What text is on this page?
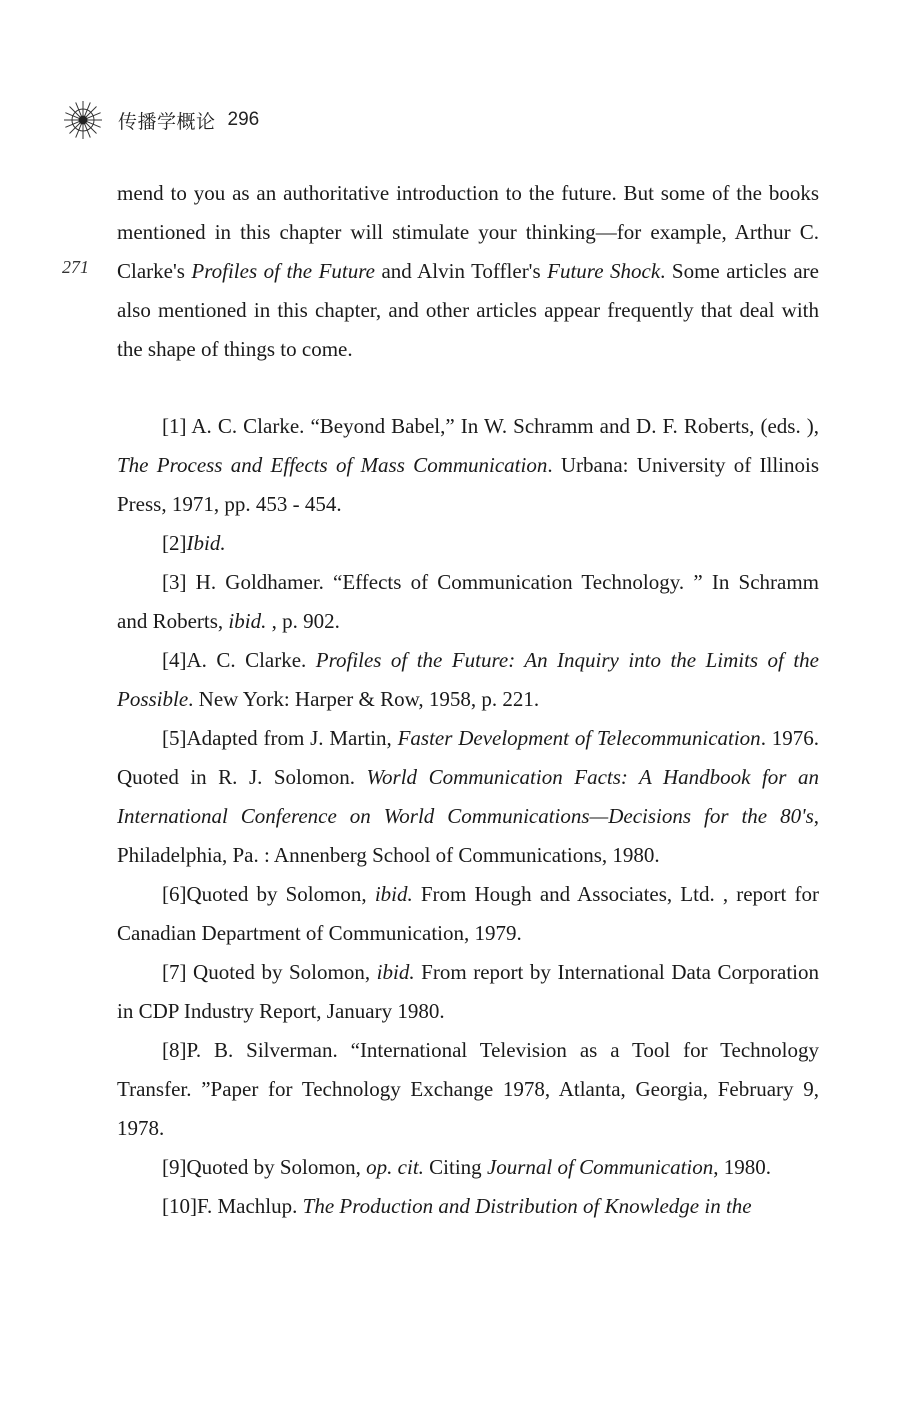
传播学概论 296
271

mend to you as an authoritative introduction to the future. But some of the books mentioned in this chapter will stimulate your thinking—for example, Arthur C. Clarke's Profiles of the Future and Alvin Toffler's Future Shock. Some articles are also mentioned in this chapter, and other articles appear frequently that deal with the shape of things to come.

[1] A. C. Clarke. “Beyond Babel,” In W. Schramm and D. F. Roberts, (eds. ), The Process and Effects of Mass Communication. Urbana: University of Illinois Press, 1971, pp. 453 - 454.

[2]Ibid.

[3] H. Goldhamer. “Effects of Communication Technology. ” In Schramm and Roberts, ibid. , p. 902.

[4]A. C. Clarke. Profiles of the Future: An Inquiry into the Limits of the Possible. New York: Harper & Row, 1958, p. 221.

[5]Adapted from J. Martin, Faster Development of Telecommunication. 1976. Quoted in R. J. Solomon. World Communication Facts: A Handbook for an International Conference on World Communications—Decisions for the 80's, Philadelphia, Pa. : Annenberg School of Communications, 1980.

[6]Quoted by Solomon, ibid. From Hough and Associates, Ltd. , report for Canadian Department of Communication, 1979.

[7] Quoted by Solomon, ibid. From report by International Data Corporation in CDP Industry Report, January 1980.

[8]P. B. Silverman. “International Television as a Tool for Technology Transfer. ”Paper for Technology Exchange 1978, Atlanta, Georgia, February 9, 1978.

[9]Quoted by Solomon, op. cit. Citing Journal of Communication, 1980.

[10]F. Machlup. The Production and Distribution of Knowledge in the
